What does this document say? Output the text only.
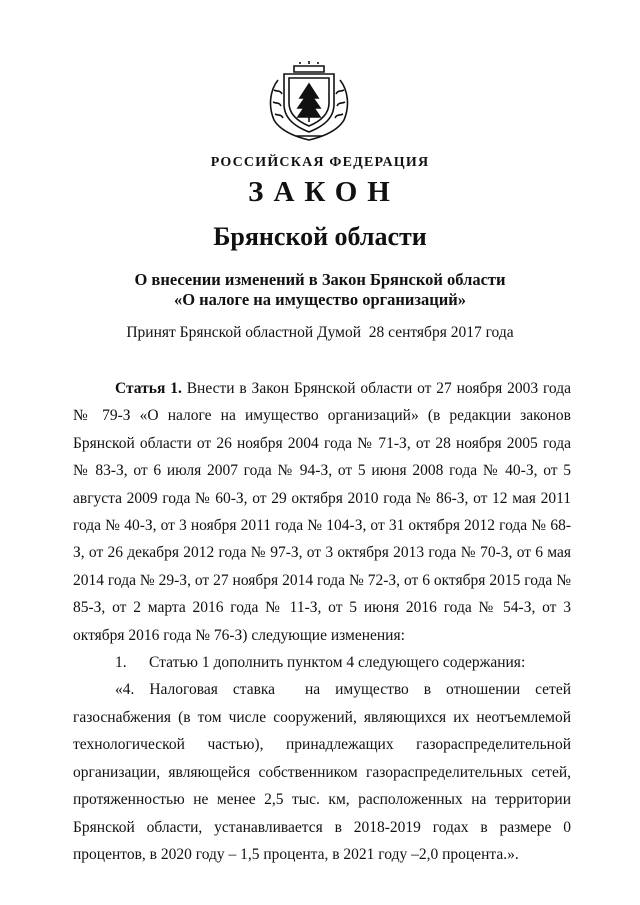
РОССИЙСКАЯ ФЕДЕРАЦИЯ
ЗАКОН
Брянской области
О внесении изменений в Закон Брянской области
«О налоге на имущество организаций»
Принят Брянской областной Думой  28 сентября 2017 года

Статья 1. Внести в Закон Брянской области от 27 ноября 2003 года № 79-З «О налоге на имущество организаций» (в редакции законов Брянской области от 26 ноября 2004 года № 71-З, от 28 ноября 2005 года № 83-З, от 6 июля 2007 года № 94-З, от 5 июня 2008 года № 40-З, от 5 августа 2009 года № 60-З, от 29 октября 2010 года № 86-З, от 12 мая 2011 года № 40-З, от 3 ноября 2011 года № 104-З, от 31 октября 2012 года № 68-З, от 26 декабря 2012 года № 97-З, от 3 октября 2013 года № 70-З, от 6 мая 2014 года № 29-З, от 27 ноября 2014 года № 72-З, от 6 октября 2015 года № 85-З, от 2 марта 2016 года № 11-З, от 5 июня 2016 года № 54-З, от 3 октября 2016 года № 76-З) следующие изменения:

1. Статью 1 дополнить пунктом 4 следующего содержания:

«4. Налоговая ставка  на имущество в отношении сетей газоснабжения (в том числе сооружений, являющихся их неотъемлемой технологической частью), принадлежащих газораспределительной организации, являющейся собственником газораспределительных сетей, протяженностью не менее 2,5 тыс. км, расположенных на территории Брянской области, устанавливается в 2018-2019 годах в размере 0 процентов, в 2020 году – 1,5 процента, в 2021 году –2,0 процента.».
